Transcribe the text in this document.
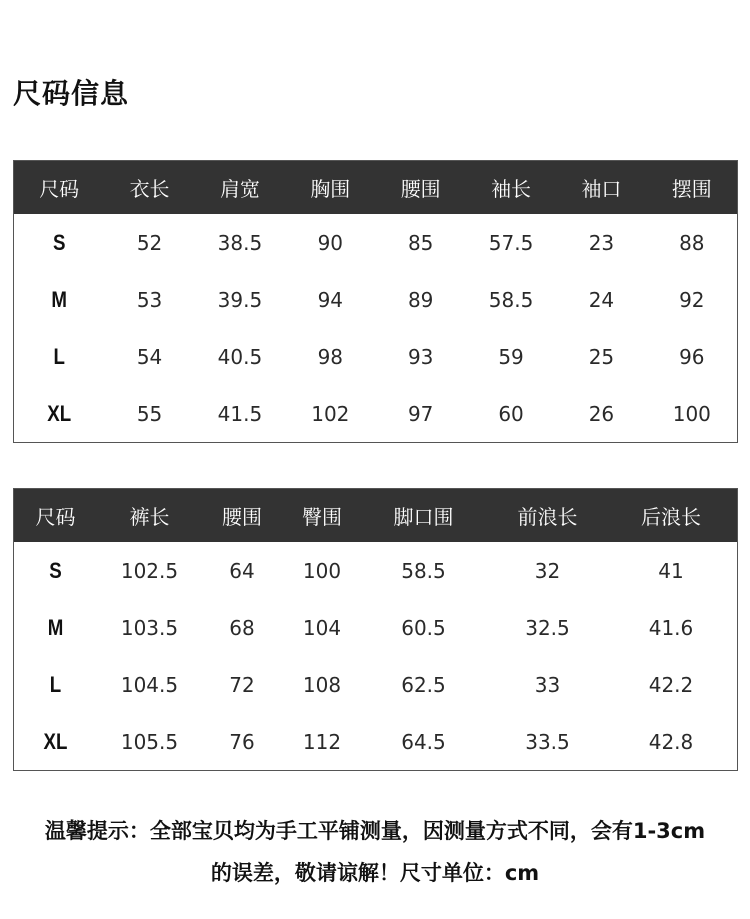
尺码信息
尺码	衣长	肩宽	胸围	腰围	袖长	袖口	摆围
S	52	38.5	90	85	57.5	23	88
M	53	39.5	94	89	58.5	24	92
L	54	40.5	98	93	59	25	96
XL	55	41.5	102	97	60	26	100
尺码	裤长	腰围	臀围	脚口围	前浪长	后浪长
S	102.5	64	100	58.5	32	41
M	103.5	68	104	60.5	32.5	41.6
L	104.5	72	108	62.5	33	42.2
XL	105.5	76	112	64.5	33.5	42.8
温馨提示：全部宝贝均为手工平铺测量，因测量方式不同，会有1-3cm
的误差，敬请谅解！尺寸单位：cm
